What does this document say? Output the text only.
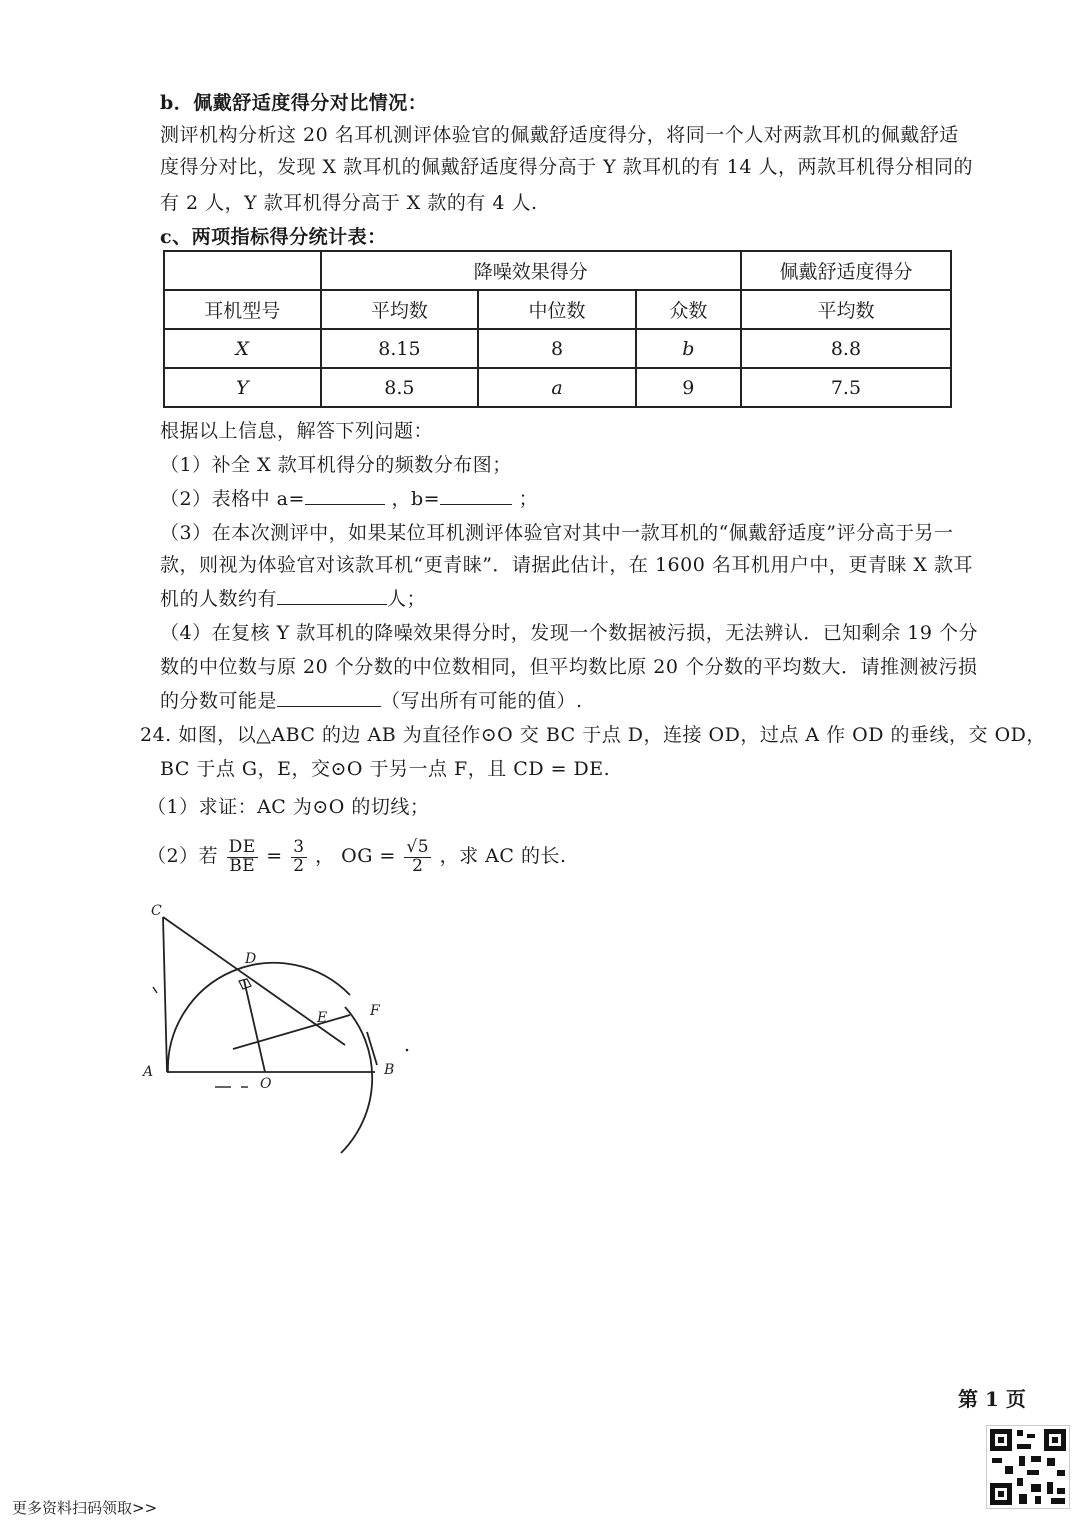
b．佩戴舒适度得分对比情况：
测评机构分析这 20 名耳机测评体验官的佩戴舒适度得分，将同一个人对两款耳机的佩戴舒适
度得分对比，发现 X 款耳机的佩戴舒适度得分高于 Y 款耳机的有 14 人，两款耳机得分相同的
有 2 人，Y 款耳机得分高于 X 款的有 4 人.
c、两项指标得分统计表：
	降噪效果得分			佩戴舒适度得分
耳机型号	平均数	中位数	众数	平均数
X	8.15	8	b	8.8
Y	8.5	a	9	7.5
根据以上信息，解答下列问题：
（1）补全 X 款耳机得分的频数分布图；
（2）表格中 a=	，b=	；
（3）在本次测评中，如果某位耳机测评体验官对其中一款耳机的“佩戴舒适度”评分高于另一
款，则视为体验官对该款耳机“更青睐”．请据此估计，在 1600 名耳机用户中，更青睐 X 款耳
机的人数约有	人；
（4）在复核 Y 款耳机的降噪效果得分时，发现一个数据被污损，无法辨认．已知剩余 19 个分
数的中位数与原 20 个分数的中位数相同，但平均数比原 20 个分数的平均数大．请推测被污损
的分数可能是	（写出所有可能的值）.
24. 如图，以△ABC 的边 AB 为直径作⊙O 交 BC 于点 D，连接 OD，过点 A 作 OD 的垂线，交 OD，
BC 于点 G，E，交⊙O 于另一点 F，且 CD = DE.
（1）求证：AC 为⊙O 的切线；
（2）若 $\frac{DE}{BE} = \frac{3}{2}$ ， OG = $\frac{√5}{2}$ ，求 AC 的长.
C
D
E	F
A
O
B
第 1 页
更多资料扫码领取>>
